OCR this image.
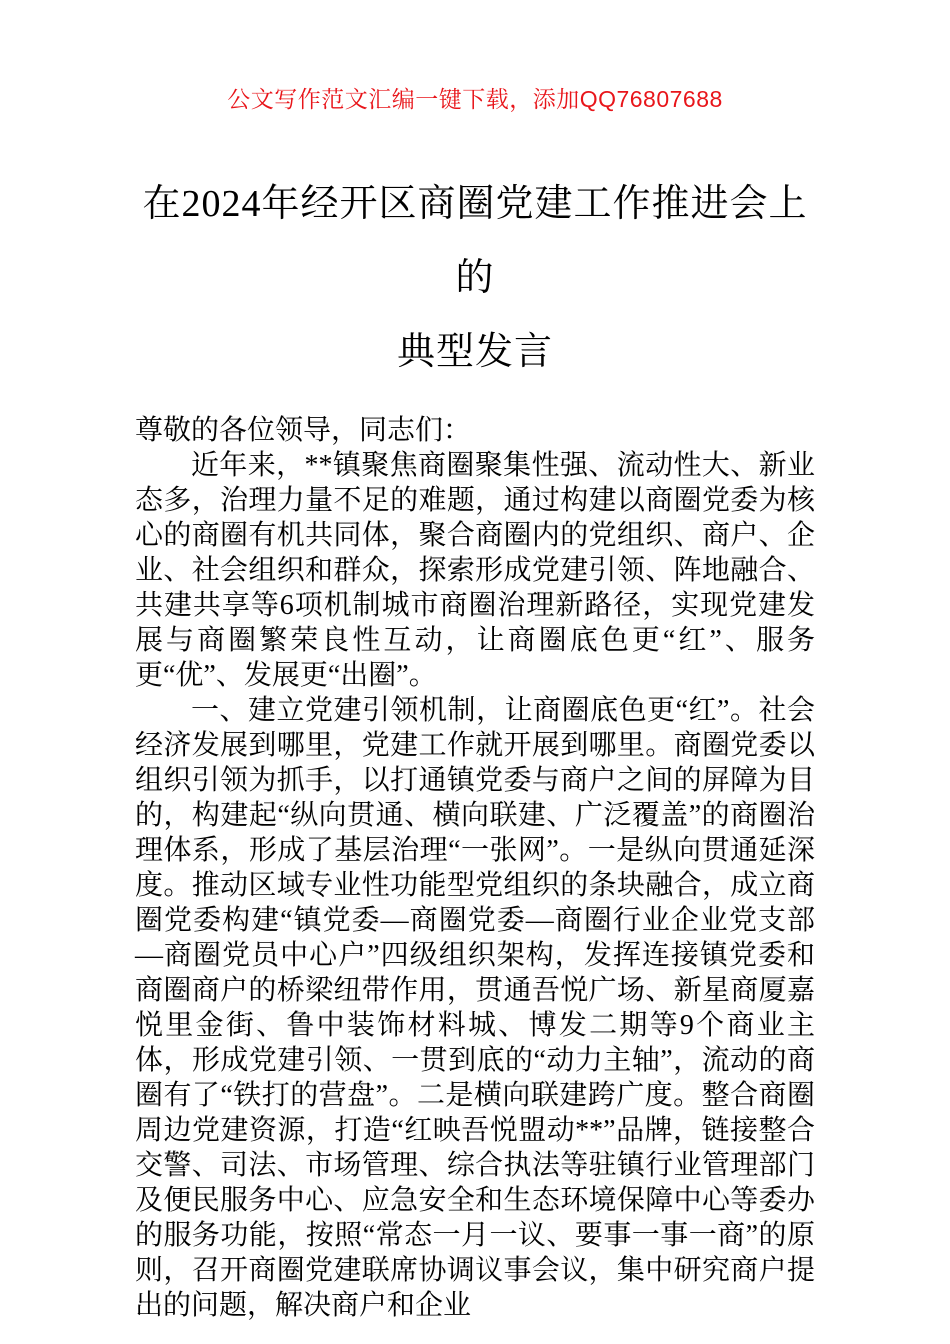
公文写作范文汇编一键下载，添加QQ76807688
在2024年经开区商圈党建工作推进会上的
典型发言

尊敬的各位领导，同志们：

近年来，**镇聚焦商圈聚集性强、流动性大、新业态多，治理力量不足的难题，通过构建以商圈党委为核心的商圈有机共同体，聚合商圈内的党组织、商户、企业、社会组织和群众，探索形成党建引领、阵地融合、共建共享等6项机制城市商圈治理新路径，实现党建发展与商圈繁荣良性互动，让商圈底色更“红”、服务更“优”、发展更“出圈”。

一、建立党建引领机制，让商圈底色更“红”。社会经济发展到哪里，党建工作就开展到哪里。商圈党委以组织引领为抓手，以打通镇党委与商户之间的屏障为目的，构建起“纵向贯通、横向联建、广泛覆盖”的商圈治理体系，形成了基层治理“一张网”。一是纵向贯通延深度。推动区域专业性功能型党组织的条块融合，成立商圈党委构建“镇党委—商圈党委—商圈行业企业党支部—商圈党员中心户”四级组织架构，发挥连接镇党委和商圈商户的桥梁纽带作用，贯通吾悦广场、新星商厦嘉悦里金街、鲁中装饰材料城、博发二期等9个商业主体，形成党建引领、一贯到底的“动力主轴”，流动的商圈有了“铁打的营盘”。二是横向联建跨广度。整合商圈周边党建资源，打造“红映吾悦盟动**”品牌，链接整合交警、司法、市场管理、综合执法等驻镇行业管理部门及便民服务中心、应急安全和生态环境保障中心等委办的服务功能，按照“常态一月一议、要事一事一商”的原则，召开商圈党建联席协调议事会议，集中研究商户提出的问题，解决商户和企业
